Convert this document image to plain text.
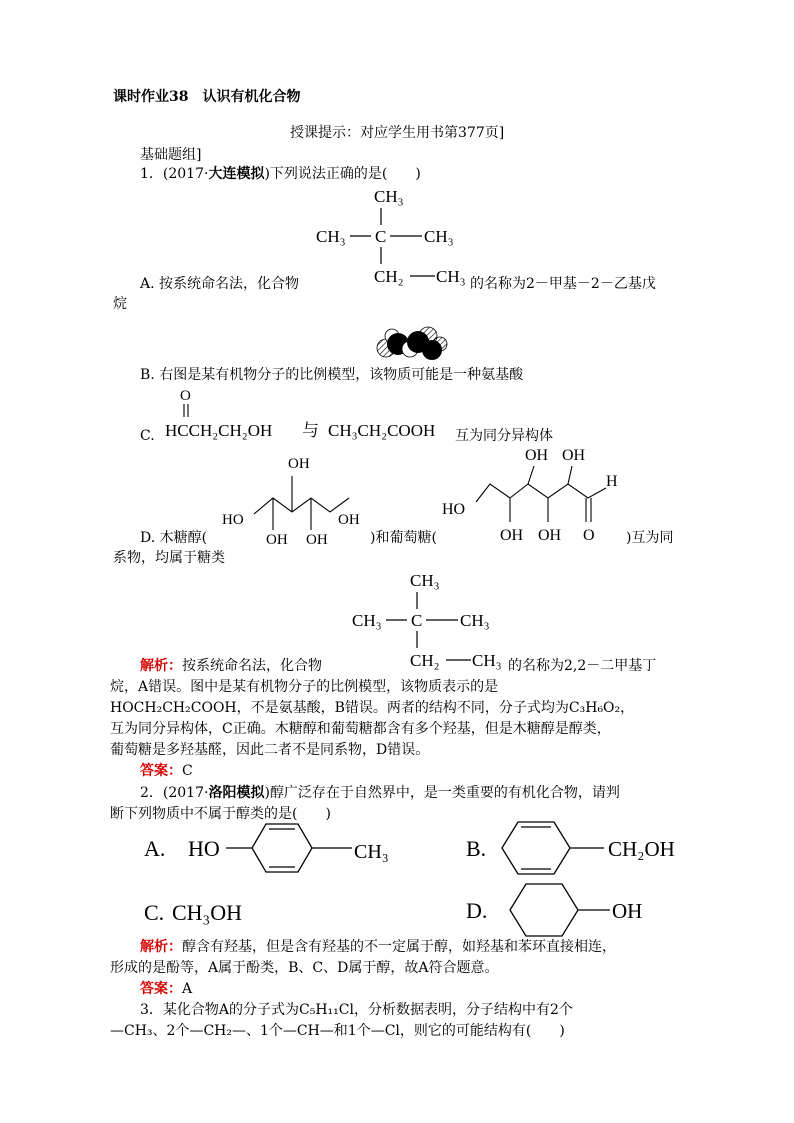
课时作业38　认识有机化合物
授课提示：对应学生用书第377页]
基础题组]
1．(2017·大连模拟)下列说法正确的是(　　)
CH₃
CH₃ C CH₃
CH₂ CH₃
A. 按系统命名法，化合物	的名称为2－甲基－2－乙基戊
烷
B. 右图是某有机物分子的比例模型，该物质可能是一种氨基酸
O
HCCH₂CH₂OH 与 CH₃CH₂COOH
C.	互为同分异构体
OH
HO	OH
OH OH
OH OH
H
HO
OH OH O
D. 木糖醇(	)和葡萄糖(	)互为同
系物，均属于糖类
CH₃
CH₃ C CH₃
CH₂ CH₃
解析：按系统命名法，化合物	的名称为2,2－二甲基丁
烷，A错误。图中是某有机物分子的比例模型，该物质表示的是
HOCH₂CH₂COOH，不是氨基酸，B错误。两者的结构不同，分子式均为C₃H₆O₂，
互为同分异构体，C正确。木糖醇和葡萄糖都含有多个羟基，但是木糖醇是醇类，
葡萄糖是多羟基醛，因此二者不是同系物，D错误。
答案：C
2．(2017·洛阳模拟)醇广泛存在于自然界中，是一类重要的有机化合物，请判
断下列物质中不属于醇类的是(　　)
A. HO	CH₃	B.	CH₂OH
C. CH₃OH	D.	OH
解析：醇含有羟基，但是含有羟基的不一定属于醇，如羟基和苯环直接相连，
形成的是酚等，A属于酚类，B、C、D属于醇，故A符合题意。
答案：A
3．某化合物A的分子式为C₅H₁₁Cl，分析数据表明，分子结构中有2个
—CH₃、2个—CH₂—、1个—CH—和1个—Cl，则它的可能结构有(　　)
